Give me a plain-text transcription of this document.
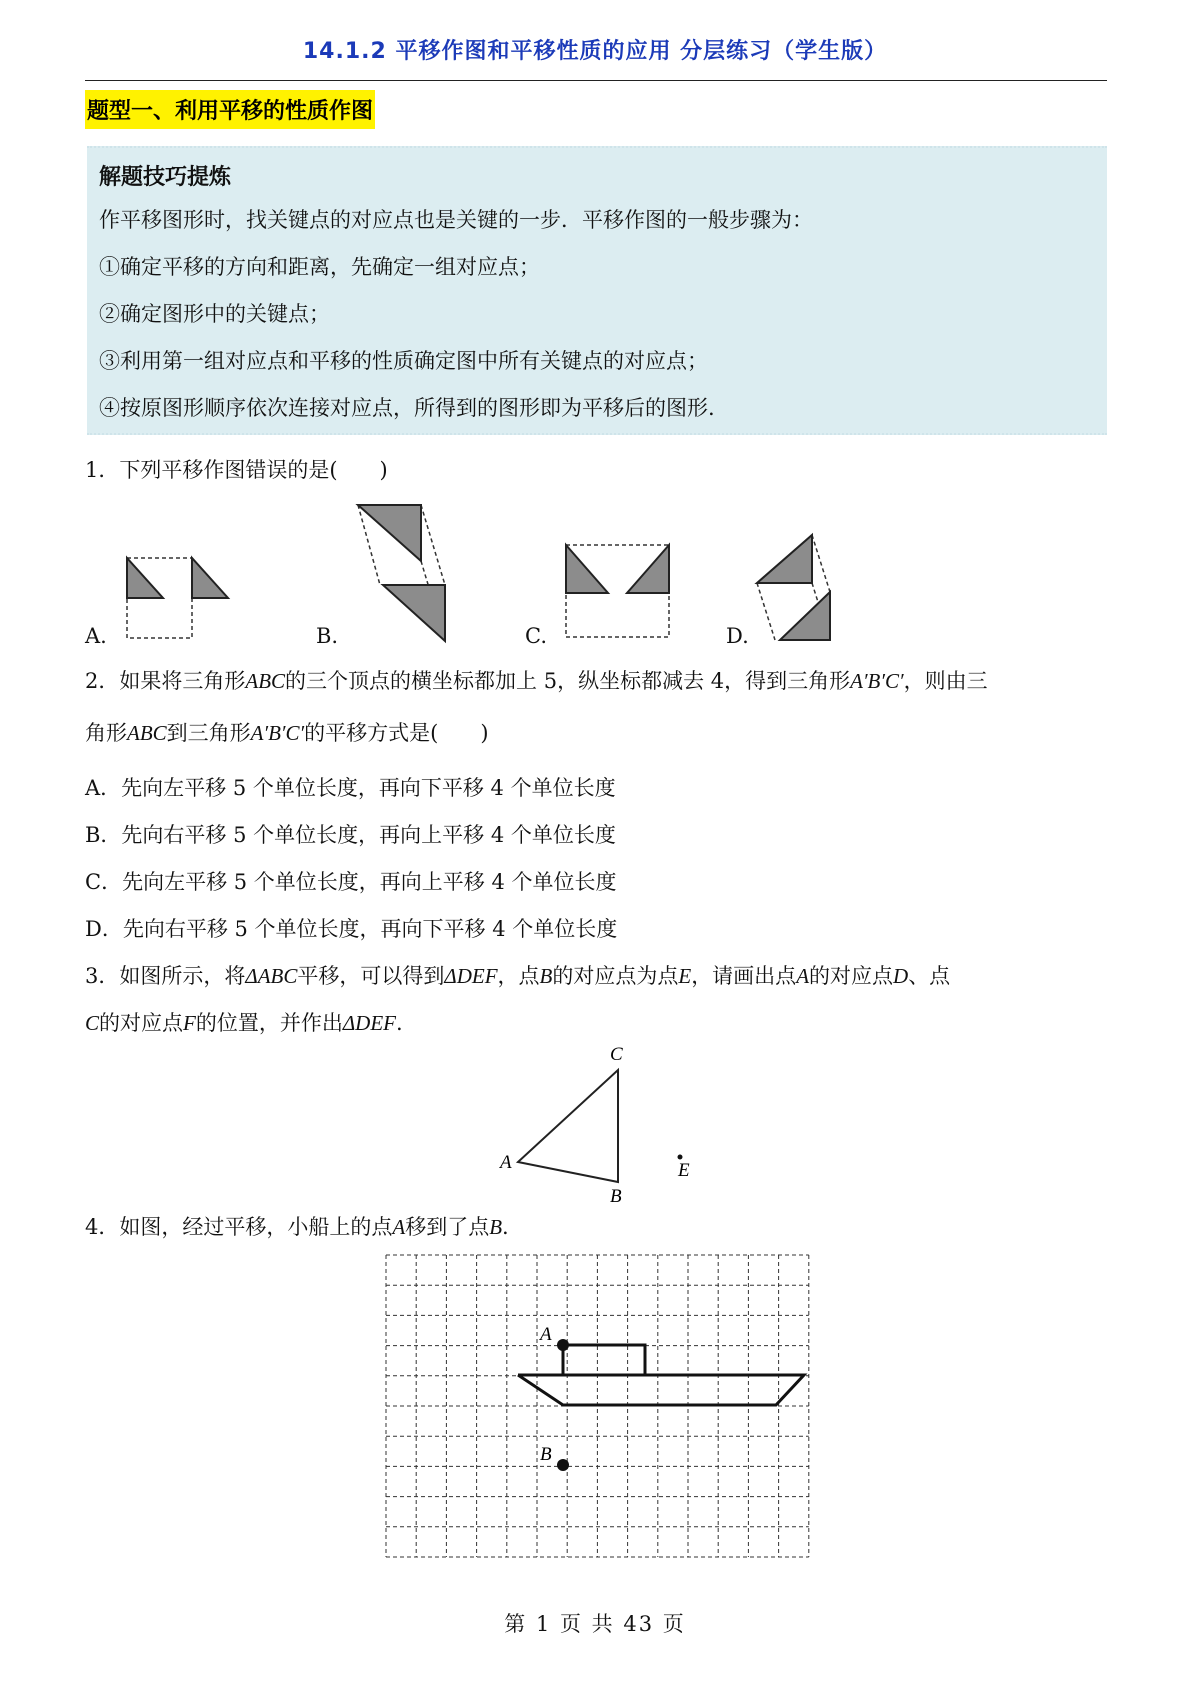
14.1.2 平移作图和平移性质的应用 分层练习（学生版）
题型一、利用平移的性质作图
解题技巧提炼
作平移图形时，找关键点的对应点也是关键的一步．平移作图的一般步骤为：
①确定平移的方向和距离，先确定一组对应点；
②确定图形中的关键点；
③利用第一组对应点和平移的性质确定图中所有关键点的对应点；
④按原图形顺序依次连接对应点，所得到的图形即为平移后的图形.
1．下列平移作图错误的是(　　)
A.	B.	C.	D.
2．如果将三角形ABC的三个顶点的横坐标都加上 5，纵坐标都减去 4，得到三角形A′B′C′，则由三
角形ABC到三角形A′B′C′的平移方式是(　　)
A．先向左平移 5 个单位长度，再向下平移 4 个单位长度
B．先向右平移 5 个单位长度，再向上平移 4 个单位长度
C．先向左平移 5 个单位长度，再向上平移 4 个单位长度
D．先向右平移 5 个单位长度，再向下平移 4 个单位长度
3．如图所示，将ΔABC平移，可以得到ΔDEF，点B的对应点为点E，请画出点A的对应点D、点
C的对应点F的位置，并作出ΔDEF.
C
A
B
E
4．如图，经过平移，小船上的点A移到了点B.
A
B
第 1 页 共 43 页
